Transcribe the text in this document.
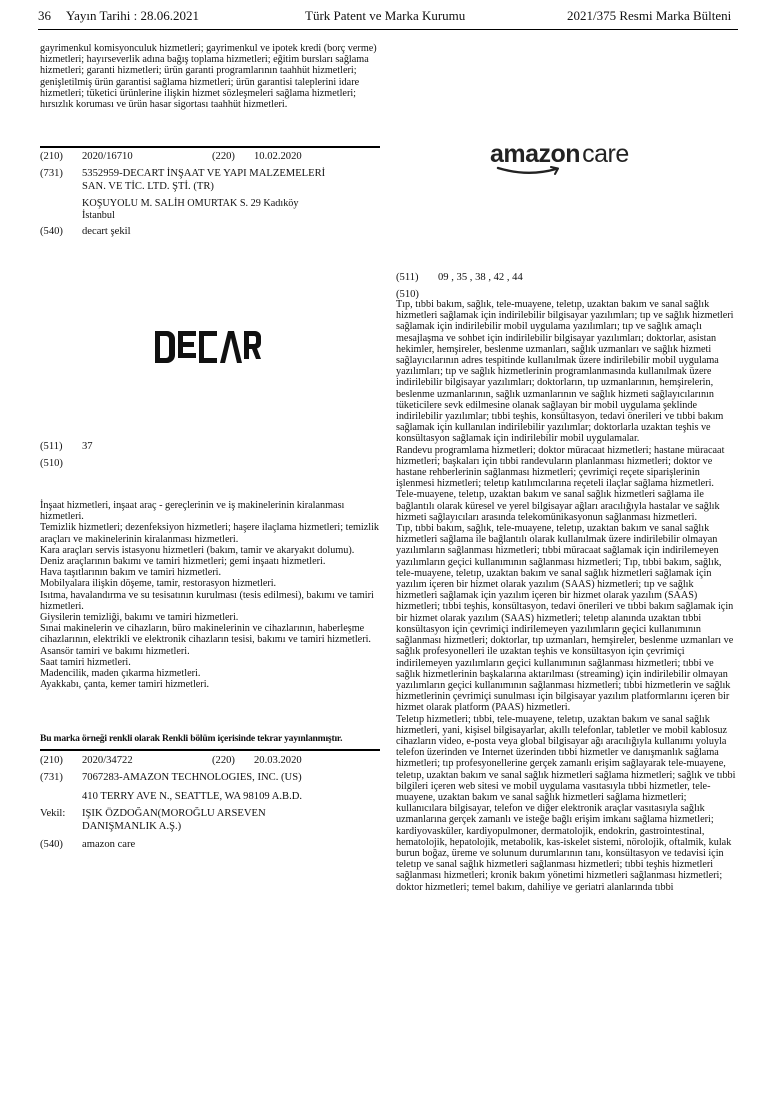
36 Yayın Tarihi : 28.06.2021	Türk Patent ve Marka Kurumu	2021/375 Resmi Marka Bülteni
gayrimenkul komisyonculuk hizmetleri; gayrimenkul ve ipotek kredi (borç verme) hizmetleri; hayırseverlik adına bağış toplama hizmetleri; eğitim bursları sağlama hizmetleri; garanti hizmetleri; ürün garanti programlarının taahhüt hizmetleri; genişletilmiş ürün garantisi sağlama hizmetleri; ürün garantisi taleplerini idare hizmetleri; tüketici ürünlerine ilişkin hizmet sözleşmeleri sağlama hizmetleri; hırsızlık koruması ve ürün hasar sigortası taahhüt hizmetleri.
(210) 2020/16710	(220) 10.02.2020
(731) 5352959-DECART İNŞAAT VE YAPI MALZEMELERİ
SAN. VE TİC. LTD. ŞTİ. (TR)
KOŞUYOLU M. SALİH OMURTAK S. 29 Kadıköy
İstanbul
(540) decart şekil
DECART
(511) 37
(510)

İnşaat hizmetleri, inşaat araç - gereçlerinin ve iş makinelerinin kiralanması hizmetleri.

Temizlik hizmetleri; dezenfeksiyon hizmetleri; haşere ilaçlama hizmetleri; temizlik araçları ve makinelerinin kiralanması hizmetleri.

Kara araçları servis istasyonu hizmetleri (bakım, tamir ve akaryakıt dolumu).

Deniz araçlarının bakımı ve tamiri hizmetleri; gemi inşaatı hizmetleri.

Hava taşıtlarının bakım ve tamiri hizmetleri.

Mobilyalara ilişkin döşeme, tamir, restorasyon hizmetleri.

Isıtma, havalandırma ve su tesisatının kurulması (tesis edilmesi), bakımı ve tamiri hizmetleri.

Giysilerin temizliği, bakımı ve tamiri hizmetleri.

Sınai makinelerin ve cihazların, büro makinelerinin ve cihazlarının, haberleşme cihazlarının, elektrikli ve elektronik cihazların tesisi, bakımı ve tamiri hizmetleri.

Asansör tamiri ve bakımı hizmetleri.

Saat tamiri hizmetleri.

Madencilik, maden çıkarma hizmetleri.

Ayakkabı, çanta, kemer tamiri hizmetleri.

Bu marka örneği renkli olarak Renkli bölüm içerisinde tekrar yayınlanmıştır.
(210) 2020/34722	(220) 20.03.2020
(731) 7067283-AMAZON TECHNOLOGIES, INC. (US)
410 TERRY AVE N., SEATTLE, WA 98109 A.B.D.
Vekil: IŞIK ÖZDOĞAN(MOROĞLU ARSEVEN
DANIŞMANLIK A.Ş.)
(540) amazon care
amazoncare
(511) 09 , 35 , 38 , 42 , 44
(510)

Tıp, tıbbi bakım, sağlık, tele-muayene, teletıp, uzaktan bakım ve sanal sağlık hizmetleri sağlamak için indirilebilir bilgisayar yazılımları; tıp ve sağlık hizmetleri sağlamak için indirilebilir mobil uygulama yazılımları; tıp ve sağlık amaçlı mesajlaşma ve sohbet için indirilebilir bilgisayar yazılımları; doktorlar, asistan hekimler, hemşireler, beslenme uzmanları, sağlık uzmanları ve sağlık hizmeti sağlayıcılarının adres tespitinde kullanılmak üzere indirilebilir mobil uygulama yazılımları; tıp ve sağlık hizmetlerinin programlanmasında kullanılmak üzere indirilebilir bilgisayar yazılımları; doktorların, tıp uzmanlarının, hemşirelerin, beslenme uzmanlarının, sağlık uzmanlarının ve sağlık hizmeti sağlayıcılarının tüketicilere sevk edilmesine olanak sağlayan bir mobil uygulama şeklinde indirilebilir yazılımlar; tıbbi teşhis, konsültasyon, tedavi önerileri ve tıbbi bakım sağlamak için kullanılan indirilebilir yazılımlar; doktorlarla uzaktan teşhis ve konsültasyon sağlamak için indirilebilir mobil uygulamalar.

Randevu programlama hizmetleri; doktor müracaat hizmetleri; hastane müracaat hizmetleri; başkaları için tıbbi randevuların planlanması hizmetleri; doktor ve hastane rehberlerinin sağlanması hizmetleri; çevrimiçi reçete siparişlerinin işlenmesi hizmetleri; teletıp katılımcılarına reçeteli ilaçlar sağlama hizmetleri.

Tele-muayene, teletıp, uzaktan bakım ve sanal sağlık hizmetleri sağlama ile bağlantılı olarak küresel ve yerel bilgisayar ağları aracılığıyla hastalar ve sağlık hizmeti sağlayıcıları arasında telekomünikasyonun sağlanması hizmetleri.

Tıp, tıbbi bakım, sağlık, tele-muayene, teletıp, uzaktan bakım ve sanal sağlık hizmetleri sağlama ile bağlantılı olarak kullanılmak üzere indirilebilir olmayan yazılımların sağlanması hizmetleri; tıbbi müracaat sağlamak için indirilemeyen yazılımların geçici kullanımının sağlanması hizmetleri; Tıp, tıbbi bakım, sağlık, tele-muayene, teletıp, uzaktan bakım ve sanal sağlık hizmetleri sağlamak için yazılım içeren bir hizmet olarak yazılım (SAAS) hizmetleri; tıp ve sağlık hizmetleri sağlamak için yazılım içeren bir hizmet olarak yazılım (SAAS) hizmetleri; tıbbi teşhis, konsültasyon, tedavi önerileri ve tıbbi bakım sağlamak için bir hizmet olarak yazılım (SAAS) hizmetleri; teletıp alanında uzaktan tıbbi konsültasyon için çevrimiçi indirilemeyen yazılımların geçici kullanımının sağlanması hizmetleri; doktorlar, tıp uzmanları, hemşireler, beslenme uzmanları ve sağlık profesyonelleri ile uzaktan teşhis ve konsültasyon için çevrimiçi indirilemeyen yazılımların geçici kullanımının sağlanması hizmetleri; tıbbi ve sağlık hizmetlerinin başkalarına aktarılması (streaming) için indirilebilir olmayan yazılımların geçici kullanımının sağlanması hizmetleri; tıbbi hizmetlerin ve sağlık hizmetlerinin çevrimiçi sunulması için bilgisayar yazılım platformlarını içeren bir hizmet olarak platform (PAAS) hizmetleri.

Teletıp hizmetleri; tıbbi, tele-muayene, teletıp, uzaktan bakım ve sanal sağlık hizmetleri, yani, kişisel bilgisayarlar, akıllı telefonlar, tabletler ve mobil kablosuz cihazların video, e-posta veya global bilgisayar ağı aracılığıyla kullanımı yoluyla telefon üzerinden ve Internet üzerinden tıbbi hizmetler ve danışmanlık sağlama hizmetleri; tıp profesyonellerine gerçek zamanlı erişim sağlayarak tele-muayene, teletıp, uzaktan bakım ve sanal sağlık hizmetleri sağlama hizmetleri; sağlık ve tıbbi bilgileri içeren web sitesi ve mobil uygulama vasıtasıyla tıbbi hizmetler, tele-muayene, uzaktan bakım ve sanal sağlık hizmetleri sağlama hizmetleri; kullanıcılara bilgisayar, telefon ve diğer elektronik araçlar vasıtasıyla sağlık uzmanlarına gerçek zamanlı ve isteğe bağlı erişim imkanı sağlama hizmetleri; kardiyovasküler, kardiyopulmoner, dermatolojik, endokrin, gastrointestinal, hematolojik, hepatolojik, metabolik, kas-iskelet sistemi, nörolojik, oftalmik, kulak burun boğaz, üreme ve solunum durumlarının tanı, konsültasyon ve tedavisi için teletıp ve sanal sağlık hizmetleri sağlanması hizmetleri; tıbbi teşhis hizmetleri sağlanması hizmetleri; kronik bakım yönetimi hizmetleri sağlanması hizmetleri; doktor hizmetleri; temel bakım, dahiliye ve geriatri alanlarında tıbbi
